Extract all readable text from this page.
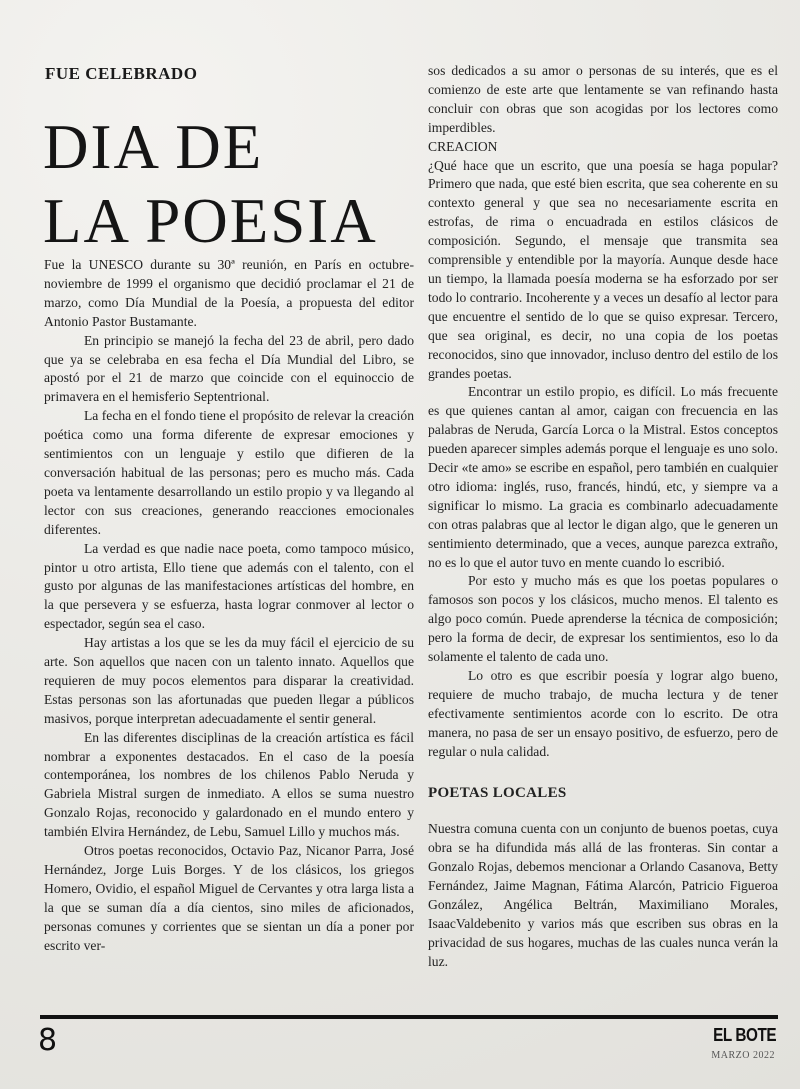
FUE CELEBRADO
DIA DE
LA POESIA

Fue la UNESCO durante su 30ª reunión, en París en octubre-noviembre de 1999 el organismo que decidió proclamar el 21 de marzo, como Día Mundial de la Poesía, a propuesta del editor Antonio Pastor Bustamante.

En principio se manejó la fecha del 23 de abril, pero dado que ya se celebraba en esa fecha el Día Mundial del Libro, se apostó por el 21 de marzo que coincide con el equinoccio de primavera en el hemisferio Septentrional.

La fecha en el fondo tiene el propósito de relevar la creación poética como una forma diferente de expresar emociones y sentimientos con un lenguaje y estilo que difieren de la conversación habitual de las personas; pero es mucho más. Cada poeta va lentamente desarrollando un estilo propio y va llegando al lector con sus creaciones, generando reacciones emocionales diferentes.

La verdad es que nadie nace poeta, como tampoco músico, pintor u otro artista, Ello tiene que además con el talento, con el gusto por algunas de las manifestaciones artísticas del hombre, en la que persevera y se esfuerza, hasta lograr conmover al lector o espectador, según sea el caso.

Hay artistas a los que se les da muy fácil el ejercicio de su arte. Son aquellos que nacen con un talento innato. Aquellos que requieren de muy pocos elementos para disparar la creatividad. Estas personas son las afortunadas que pueden llegar a públicos masivos, porque interpretan adecuadamente el sentir general.

En las diferentes disciplinas de la creación artística es fácil nombrar a exponentes destacados. En el caso de la poesía contemporánea, los nombres de los chilenos Pablo Neruda y Gabriela Mistral surgen de inmediato. A ellos se suma nuestro Gonzalo Rojas, reconocido y galardonado en el mundo entero y también Elvira Hernández, de Lebu, Samuel Lillo y muchos más.

Otros poetas reconocidos, Octavio Paz, Nicanor Parra, José Hernández, Jorge Luis Borges. Y de los clásicos, los griegos Homero, Ovidio, el español Miguel de Cervantes y otra larga lista a la que se suman día a día cientos, sino miles de aficionados, personas comunes y corrientes que se sientan un día a poner por escrito ver-

sos dedicados a su amor o personas de su interés, que es el comienzo de este arte que lentamente se van refinando hasta concluir con obras que son acogidas por los lectores como imperdibles.

CREACION

¿Qué hace que un escrito, que una poesía se haga popular? Primero que nada, que esté bien escrita, que sea coherente en su contexto general y que sea no necesariamente escrita en estrofas, de rima o encuadrada en estilos clásicos de composición. Segundo, el mensaje que transmita sea comprensible y entendible por la mayoría. Aunque desde hace un tiempo, la llamada poesía moderna se ha esforzado por ser todo lo contrario. Incoherente y a veces un desafío al lector para que encuentre el sentido de lo que se quiso expresar. Tercero, que sea original, es decir, no una copia de los poetas reconocidos, sino que innovador, incluso dentro del estilo de los grandes poetas.

Encontrar un estilo propio, es difícil. Lo más frecuente es que quienes cantan al amor, caigan con frecuencia en las palabras de Neruda, García Lorca o la Mistral. Estos conceptos pueden aparecer simples además porque el lenguaje es uno solo. Decir «te amo» se escribe en español, pero también en cualquier otro idioma: inglés, ruso, francés, hindú, etc, y siempre va a significar lo mismo. La gracia es combinarlo adecuadamente con otras palabras que al lector le digan algo, que le generen un sentimiento determinado, que a veces, aunque parezca extraño, no es lo que el autor tuvo en mente cuando lo escribió.

Por esto y mucho más es que los poetas populares o famosos son pocos y los clásicos, mucho menos. El talento es algo poco común. Puede aprenderse la técnica de composición; pero la forma de decir, de expresar los sentimientos, eso lo da solamente el talento de cada uno.

Lo otro es que escribir poesía y lograr algo bueno, requiere de mucho trabajo, de mucha lectura y de tener efectivamente sentimientos acorde con lo escrito. De otra manera, no pasa de ser un ensayo positivo, de esfuerzo, pero de regular o nula calidad.

POETAS LOCALES

Nuestra comuna cuenta con un conjunto de buenos poetas, cuya obra se ha difundida más allá de las fronteras. Sin contar a Gonzalo Rojas, debemos mencionar a Orlando Casanova, Betty Fernández, Jaime Magnan, Fátima Alarcón, Patricio Figueroa González, Angélica Beltrán, Maximiliano Morales, IsaacValdebenito y varios más que escriben sus obras en la privacidad de sus hogares, muchas de las cuales nunca verán la luz.

8	EL BOTE
MARZO 2022
